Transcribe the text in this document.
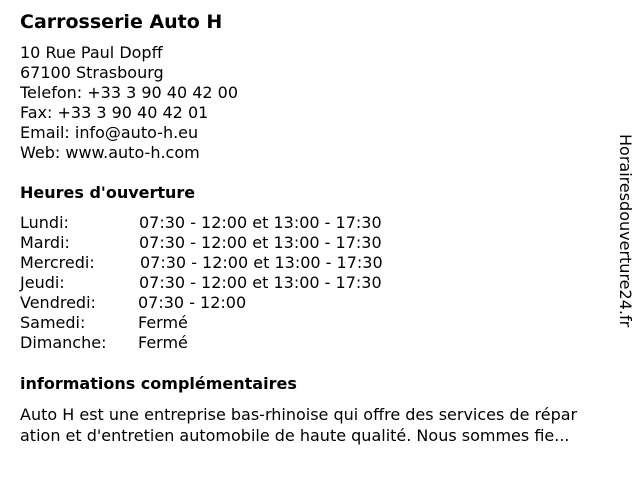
Carrosserie Auto H
10 Rue Paul Dopff
67100 Strasbourg
Telefon: +33 3 90 40 42 00
Fax: +33 3 90 40 42 01
Email: info@auto-h.eu
Web: www.auto-h.com
Heures d'ouverture
Lundi:	07:30 - 12:00 et 13:00 - 17:30
Mardi:	07:30 - 12:00 et 13:00 - 17:30
Mercredi:	07:30 - 12:00 et 13:00 - 17:30
Jeudi:	07:30 - 12:00 et 13:00 - 17:30
Vendredi:	07:30 - 12:00
Samedi:	Fermé
Dimanche: Fermé
informations complémentaires
Auto H est une entreprise bas-rhinoise qui offre des services de répar
ation et d'entretien automobile de haute qualité. Nous sommes fie...
Horairesdouverture24.fr
